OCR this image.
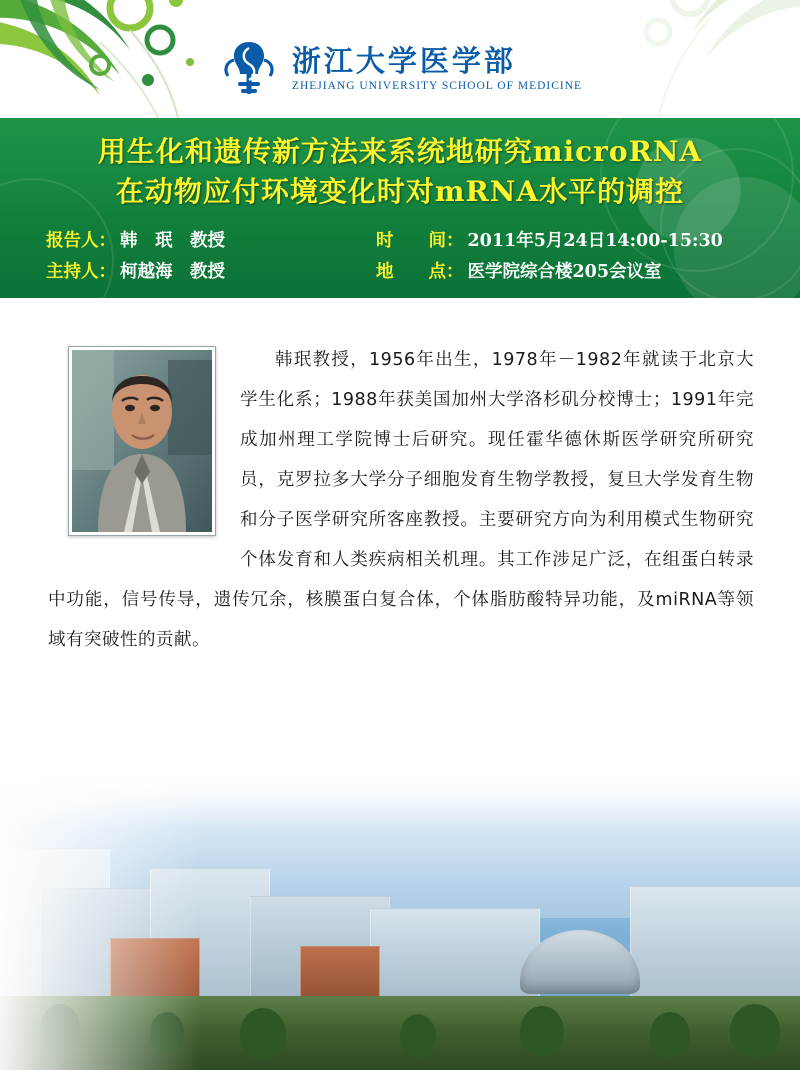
浙江大学医学部
ZHEJIANG UNIVERSITY SCHOOL OF MEDICINE
用生化和遗传新方法来系统地研究microRNA
在动物应付环境变化时对mRNA水平的调控
报告人： 韩　珉　教授	时　　间： 2011年5月24日14:00-15:30
主持人： 柯越海　教授	地　　点： 医学院综合楼205会议室
韩珉教授，1956年出生，1978年－1982年就读于北京大学生化系；1988年获美国加州大学洛杉矶分校博士；1991年完成加州理工学院博士后研究。现任霍华德休斯医学研究所研究员，克罗拉多大学分子细胞发育生物学教授，复旦大学发育生物和分子医学研究所客座教授。主要研究方向为利用模式生物研究个体发育和人类疾病相关机理。其工作涉足广泛，在组蛋白转录中功能，信号传导，遗传冗余，核膜蛋白复合体，个体脂肪酸特异功能，及miRNA等领域有突破性的贡献。
